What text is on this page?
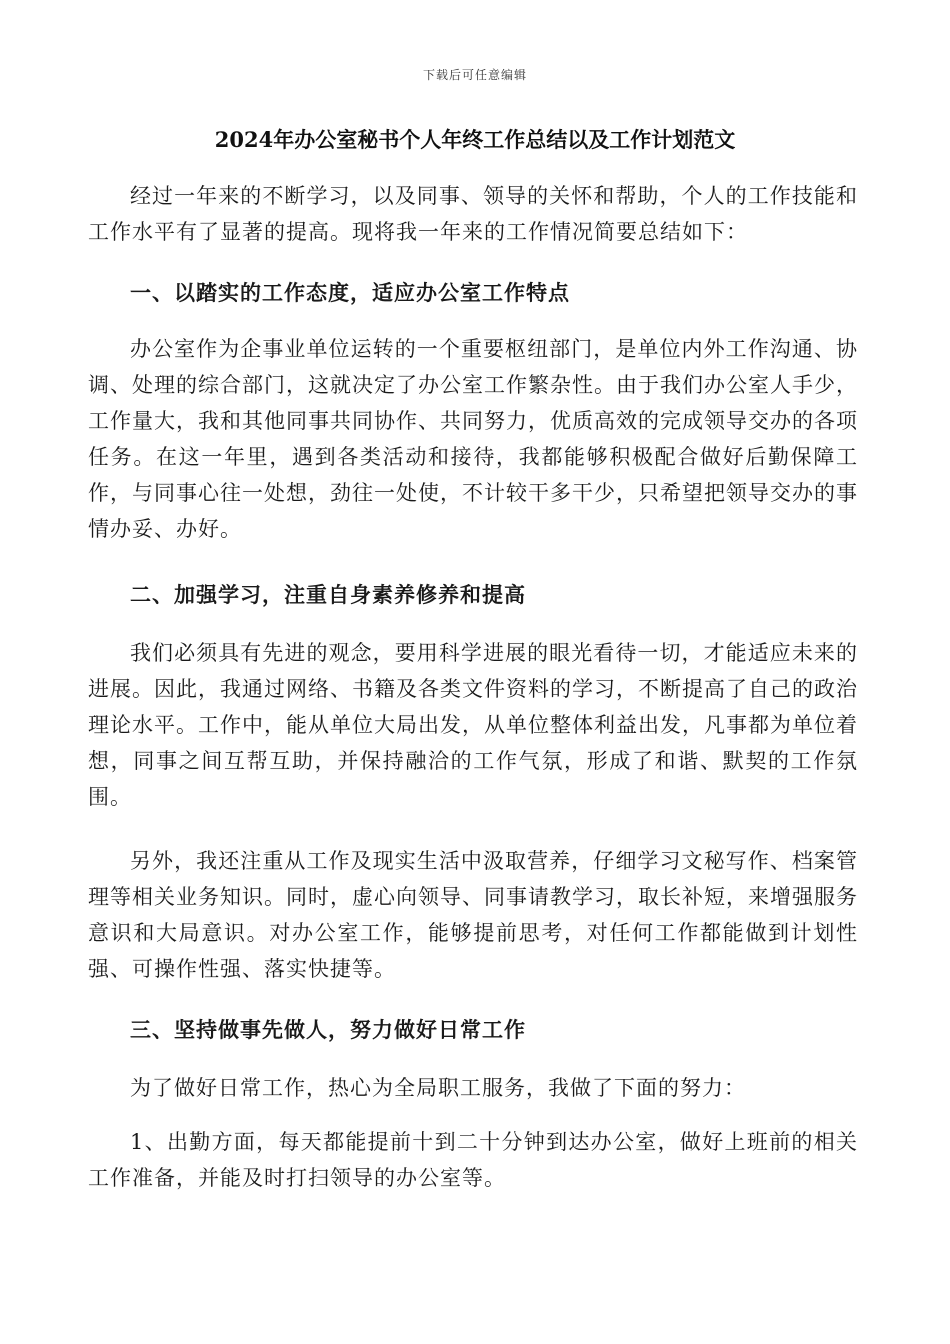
下载后可任意编辑
2024年办公室秘书个人年终工作总结以及工作计划范文

经过一年来的不断学习，以及同事、领导的关怀和帮助，个人的工作技能和工作水平有了显著的提高。现将我一年来的工作情况简要总结如下：

一、以踏实的工作态度，适应办公室工作特点

办公室作为企事业单位运转的一个重要枢纽部门，是单位内外工作沟通、协调、处理的综合部门，这就决定了办公室工作繁杂性。由于我们办公室人手少，工作量大，我和其他同事共同协作、共同努力，优质高效的完成领导交办的各项任务。在这一年里，遇到各类活动和接待，我都能够积极配合做好后勤保障工作，与同事心往一处想，劲往一处使，不计较干多干少，只希望把领导交办的事情办妥、办好。

二、加强学习，注重自身素养修养和提高

我们必须具有先进的观念，要用科学进展的眼光看待一切，才能适应未来的进展。因此，我通过网络、书籍及各类文件资料的学习，不断提高了自己的政治理论水平。工作中，能从单位大局出发，从单位整体利益出发，凡事都为单位着想，同事之间互帮互助，并保持融洽的工作气氛，形成了和谐、默契的工作氛围。

另外，我还注重从工作及现实生活中汲取营养，仔细学习文秘写作、档案管理等相关业务知识。同时，虚心向领导、同事请教学习，取长补短，来增强服务意识和大局意识。对办公室工作，能够提前思考，对任何工作都能做到计划性强、可操作性强、落实快捷等。

三、坚持做事先做人，努力做好日常工作

为了做好日常工作，热心为全局职工服务，我做了下面的努力：

1、出勤方面，每天都能提前十到二十分钟到达办公室，做好上班前的相关工作准备，并能及时打扫领导的办公室等。
